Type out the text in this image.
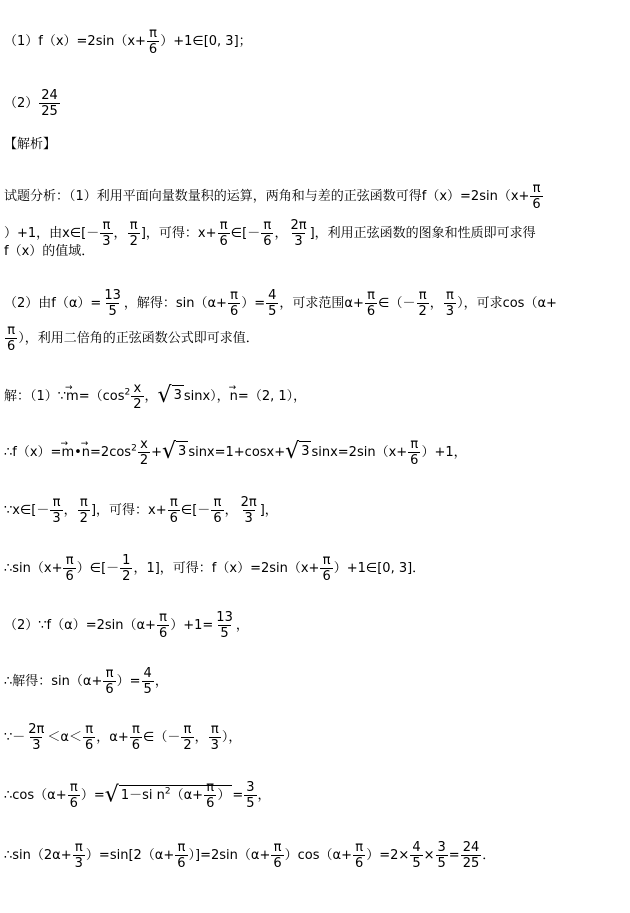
$(1)f(x)=2\sin(x+ \frac{\pi}{6}$ ）+1∈[0, 3]；
$(2) \frac{24}{25}$
【解析】
试题分析：（1）利用平面向量数量积的运算，两角和与差的正弦函数可得$f(x)=2\sin(x+ \frac{\pi}{6}$
）+1，由x∈[－ $\frac{\pi}{3}$ ， $\frac{\pi}{2}$ ]，可得：$x+ \frac{\pi}{6}$ ∈[－ $\frac{\pi}{6}$ ， $\frac{2\pi}{3}$ ]，利用正弦函数的图象和性质即可求得
f（x）的值域．
（2）由$f(\alpha)= \frac{13}{5}$ ，解得：$\sin(\alpha+ \frac{\pi}{6}$ ）= $\frac{4}{5}$ ，可求范围$\alpha+ \frac{\pi}{6}$ ∈（－ $\frac{\pi}{2}$ ， $\frac{\pi}{3}$ ），可求cos（α+
$\frac{\pi}{6}$ ），利用二倍角的正弦函数公式即可求值．
解：（1）∵→ $m=(\cos^2 \frac{x}{2}$ ，√ 3 sinx），→ n=（2, 1），
∴f（x）=→ m•→ $n=2\cos^2 \frac{x}{2}$ +√ 3 sinx=1+cosx+√ 3 $\sin x=2\sin(x+ \frac{\pi}{6} )+1$，
∵x∈[－ $\frac{\pi}{3}$ ， $\frac{\pi}{2}$ ]，可得：$x+ \frac{\pi}{6}$ ∈[－ $\frac{\pi}{6}$ ， $\frac{2\pi}{3}$ ]，
∴sin（x+ $\frac{\pi}{6}$ ）∈[－ $\frac{1}{2}$ ，1]，可得：$f(x)=2\sin(x+ \frac{\pi}{6}$ ）+1∈[0, 3]．
（2）∵f（α）=2sin（α+ $\frac{\pi}{6} )+1= \frac{13}{5}$ ，
∴解得：$\sin(\alpha+ \frac{\pi}{6}$ ）= $\frac{4}{5}$ ，
∵－ $\frac{2\pi}{3} <\alpha< \frac{\pi}{6}$ ，$\alpha+ \frac{\pi}{6}$ ∈（－ $\frac{\pi}{2}$ ， $\frac{\pi}{3}$ ），
∴cos（α+ $\frac{\pi}{6}$ ）=√ 1－si $n^2(\alpha+ \frac{\pi}{6}$ ） = $\frac{3}{5}$ ，
∴sin（2α+ $\frac{\pi}{3} )=\sin[2(\alpha+ \frac{\pi}{6} )]=2\sin(\alpha+ \frac{\pi}{6} )\cos(\alpha+ \frac{\pi}{6} )=2\times \frac{4}{5} \times \frac{3}{5} = \frac{24}{25}$ ．
